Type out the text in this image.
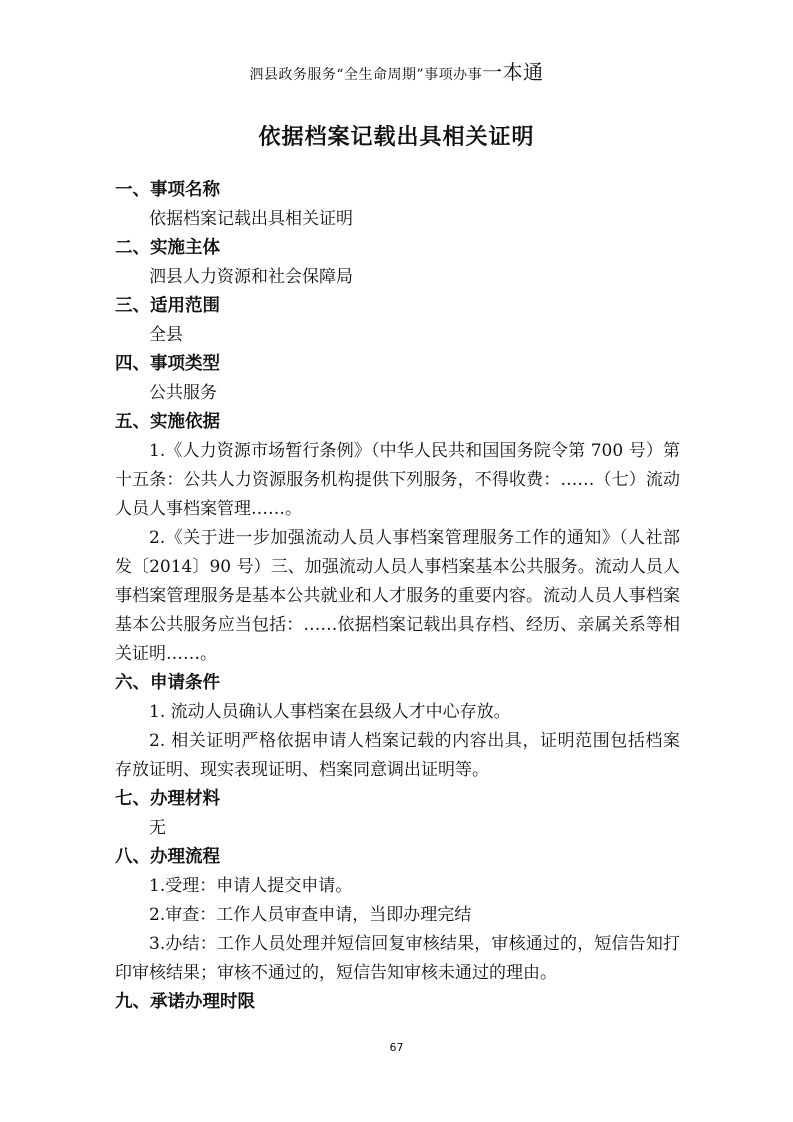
泗县政务服务“全生命周期”事项办事一本通
依据档案记载出具相关证明

一、事项名称

依据档案记载出具相关证明

二、实施主体

泗县人力资源和社会保障局

三、适用范围

全县

四、事项类型

公共服务

五、实施依据

1.《人力资源市场暂行条例》（中华人民共和国国务院令第 700 号）第十五条：公共人力资源服务机构提供下列服务，不得收费：……（七）流动人员人事档案管理……。

2.《关于进一步加强流动人员人事档案管理服务工作的通知》（人社部发〔2014〕90 号）三、加强流动人员人事档案基本公共服务。流动人员人事档案管理服务是基本公共就业和人才服务的重要内容。流动人员人事档案基本公共服务应当包括：……依据档案记载出具存档、经历、亲属关系等相关证明……。

六、申请条件

1. 流动人员确认人事档案在县级人才中心存放。

2. 相关证明严格依据申请人档案记载的内容出具，证明范围包括档案存放证明、现实表现证明、档案同意调出证明等。

七、办理材料

无

八、办理流程

1.受理：申请人提交申请。

2.审查：工作人员审查申请，当即办理完结

3.办结：工作人员处理并短信回复审核结果，审核通过的，短信告知打印审核结果；审核不通过的，短信告知审核未通过的理由。

九、承诺办理时限

67
